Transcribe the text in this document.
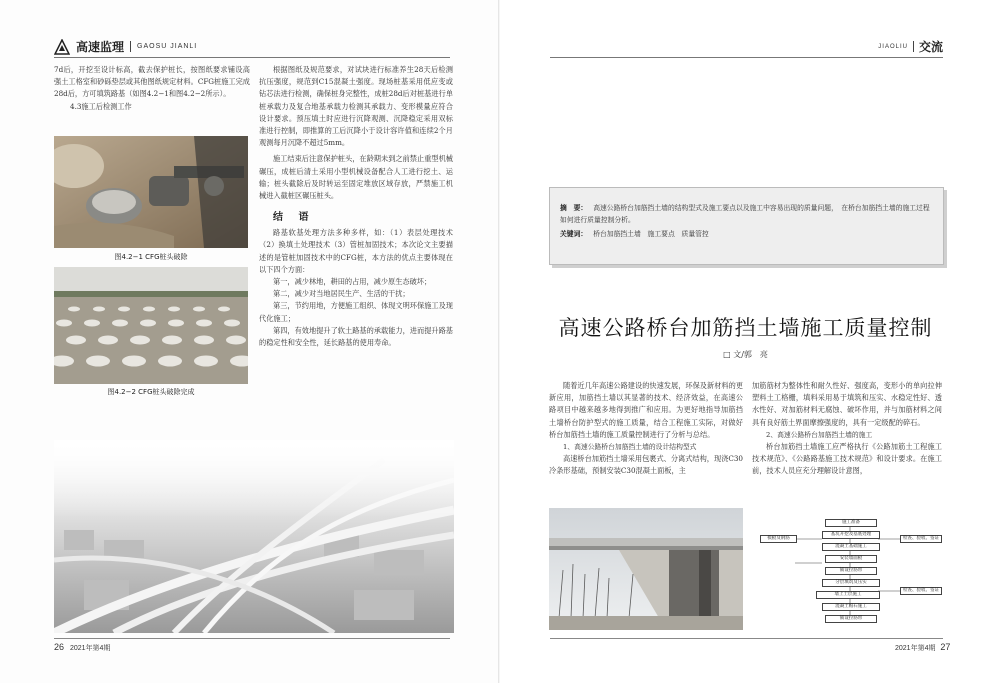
高速监理 GAOSU JIANLI

7d后，开挖至设计标高，截去保护桩长，按图纸要求铺设高强土工格室和砂砾垫层或其他图纸规定材料。CFG桩施工完成28d后，方可填筑路基（如图4.2−1和图4.2−2所示）。

4.3施工后检测工作

图4.2−1 CFG桩头破除
图4.2−2 CFG桩头破除完成

根据图纸及规范要求，对试块进行标准养生28天后检测抗压强度，规范到C15混凝土强度。现场桩基采用低应变或钻芯法进行检测，确保桩身完整性，成桩28d后对桩基进行单桩承载力及复合地基承载力检测其承载力、变形模量应符合设计要求。预压填土时应进行沉降观测、沉降稳定采用双标准进行控制，即推算的工后沉降小于设计容许值和连续2个月观测每月沉降不超过5mm。

施工结束后注意保护桩头，在龄期未到之前禁止重型机械碾压，成桩后清土采用小型机械设备配合人工进行挖土、运输；桩头截除后及时转运至固定堆放区域存放，严禁施工机械进入截桩区碾压桩头。

结 语

路基软基处理方法多种多样，如：（1）表层处理技术（2）换填土处理技术（3）管桩加固技术；本次论文主要描述的是管桩加固技术中的CFG桩，本方法的优点主要体现在以下四个方面：

第一，减少林地，耕田的占用，减少原生态破坏；

第二，减少对当地居民生产、生活的干扰；

第三，节约用地，方便施工组织、体现文明环保施工及现代化施工；

第四，有效地提升了软土路基的承载能力，进而提升路基的稳定性和安全性，延长路基的使用寿命。

26 2021年第4期
JIAOLIU 交流
摘　要： 高速公路桥台加筋挡土墙的结构型式及施工要点以及施工中容易出现的质量问题，　在桥台加筋挡土墙的施工过程如何进行质量控制分析。
关键词： 桥台加筋挡土墙　施工要点　质量管控
高速公路桥台加筋挡土墙施工质量控制
□ 文/郭　亮

随着近几年高速公路建设的快速发展，环保及新材料的更新应用，加筋挡土墙以其显著的技术、经济效益，在高速公路项目中越来越多地得到推广和应用。为更好地指导加筋挡土墙桥台防护型式的施工质量，结合工程施工实际，对做好桥台加筋挡土墙的施工质量控制进行了分析与总结。

1、高速公路桥台加筋挡土墙的设计结构型式

高速桥台加筋挡土墙采用包裹式、分离式结构，现浇C30冷条形基础，预制安装C30混凝土面板，主

加筋筋材为整体性和耐久性好、强度高，变形小的单向拉伸塑料土工格栅，填料采用易于填筑和压实、水稳定性好、透水性好、对加筋材料无腐蚀、破坏作用，并与加筋材料之间具有良好筋土界面摩擦强度的，具有一定级配的碎石。

2、高速公路桥台加筋挡土墙的施工

桥台加筋挡土墙施工应严格执行《公路加筋土工程施工技术规范》、《公路路基施工技术规范》和设计要求。在施工前，技术人员应充分理解设计意图，

施工准备
基坑开挖及基底处理
混凝土基础施工
安装墙面板
铺设拉筋带
分层填筑及压实
墙上土层施工
混凝土帽石施工
铺设拉筋带
模板及钢筋	检查、验收、签证
检查、验收、签证
2021年第4期 27
